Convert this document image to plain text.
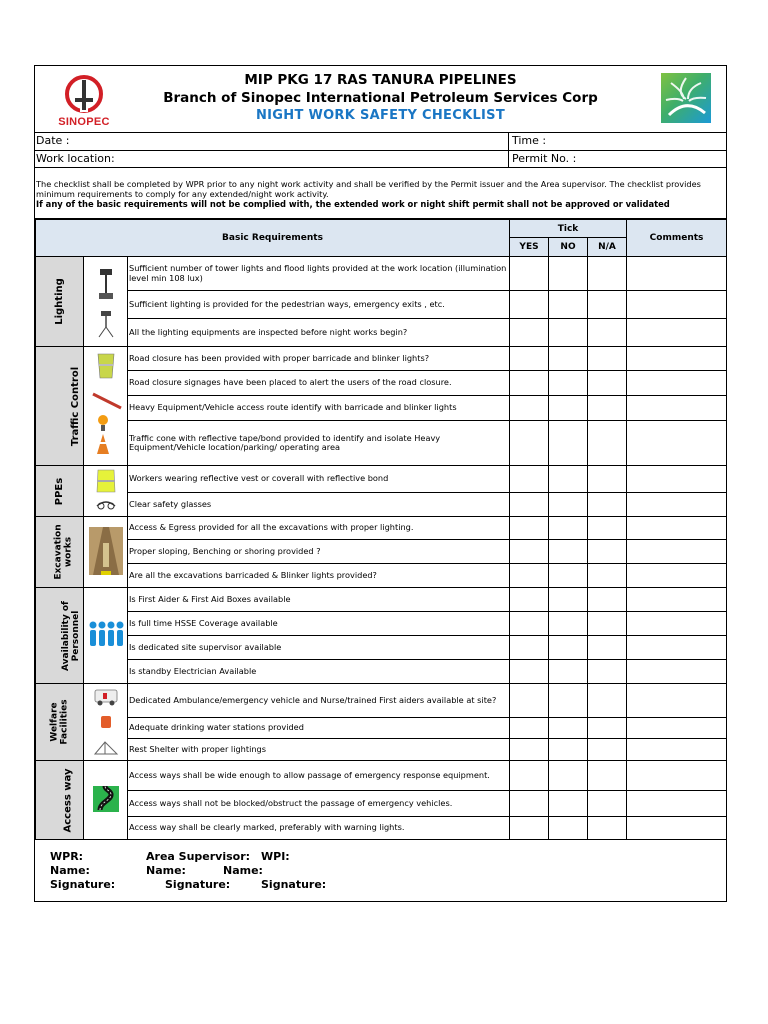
SINOPEC
MIP PKG 17 RAS TANURA PIPELINES
Branch of Sinopec International Petroleum Services Corp
NIGHT WORK SAFETY CHECKLIST
Date :	Time :
Work location:	Permit No. :
The checklist shall be completed by WPR prior to any night work activity and shall be verified by the Permit issuer and the Area supervisor. The checklist provides
minimum requirements to comply for any extended/night work activity.
If any of the basic requirements will not be complied with, the extended work or night shift permit shall not be approved or validated
Basic Requirements			Tick			Comments
			YES	NO	N/A	
Lighting		Sufficient number of tower lights and flood lights provided at the work location (illumination level min 108 lux)				
		Sufficient lighting is provided for the pedestrian ways, emergency exits , etc.				
		All the lighting equipments are inspected before night works begin?				
Traffic Control		Road closure has been provided with proper barricade and blinker lights?				
		Road closure signages have been placed to alert the users of the road closure.				
		Heavy Equipment/Vehicle access route identify with barricade and blinker lights				
		Traffic cone with reflective tape/bond provided to identify and isolate Heavy Equipment/Vehicle location/parking/ operating area				
PPEs		Workers wearing reflective vest or coverall with reflective bond				
		Clear safety glasses				
Excavation
works		Access & Egress provided for all the excavations with proper lighting.				
		Proper sloping, Benching or shoring provided ?				
		Are all the excavations barricaded & Blinker lights provided?				
Availability of
Personnel		Is First Aider & First Aid Boxes available				
		Is full time HSSE Coverage available				
		Is dedicated site supervisor available				
		Is standby Electrician Available				
Welfare
Facilities		Dedicated Ambulance/emergency vehicle and Nurse/trained First aiders available at site?				
		Adequate drinking water stations provided				
		Rest Shelter with proper lightings				
Access way		Access ways shall be wide enough to allow passage of emergency response equipment.				
		Access ways shall not be blocked/obstruct the passage of emergency vehicles.				
		Access way shall be clearly marked, preferably with warning lights.				
WPR:	Area Supervisor: WPI:
Name:	Name:	Name:
Signature:	Signature:	Signature:
